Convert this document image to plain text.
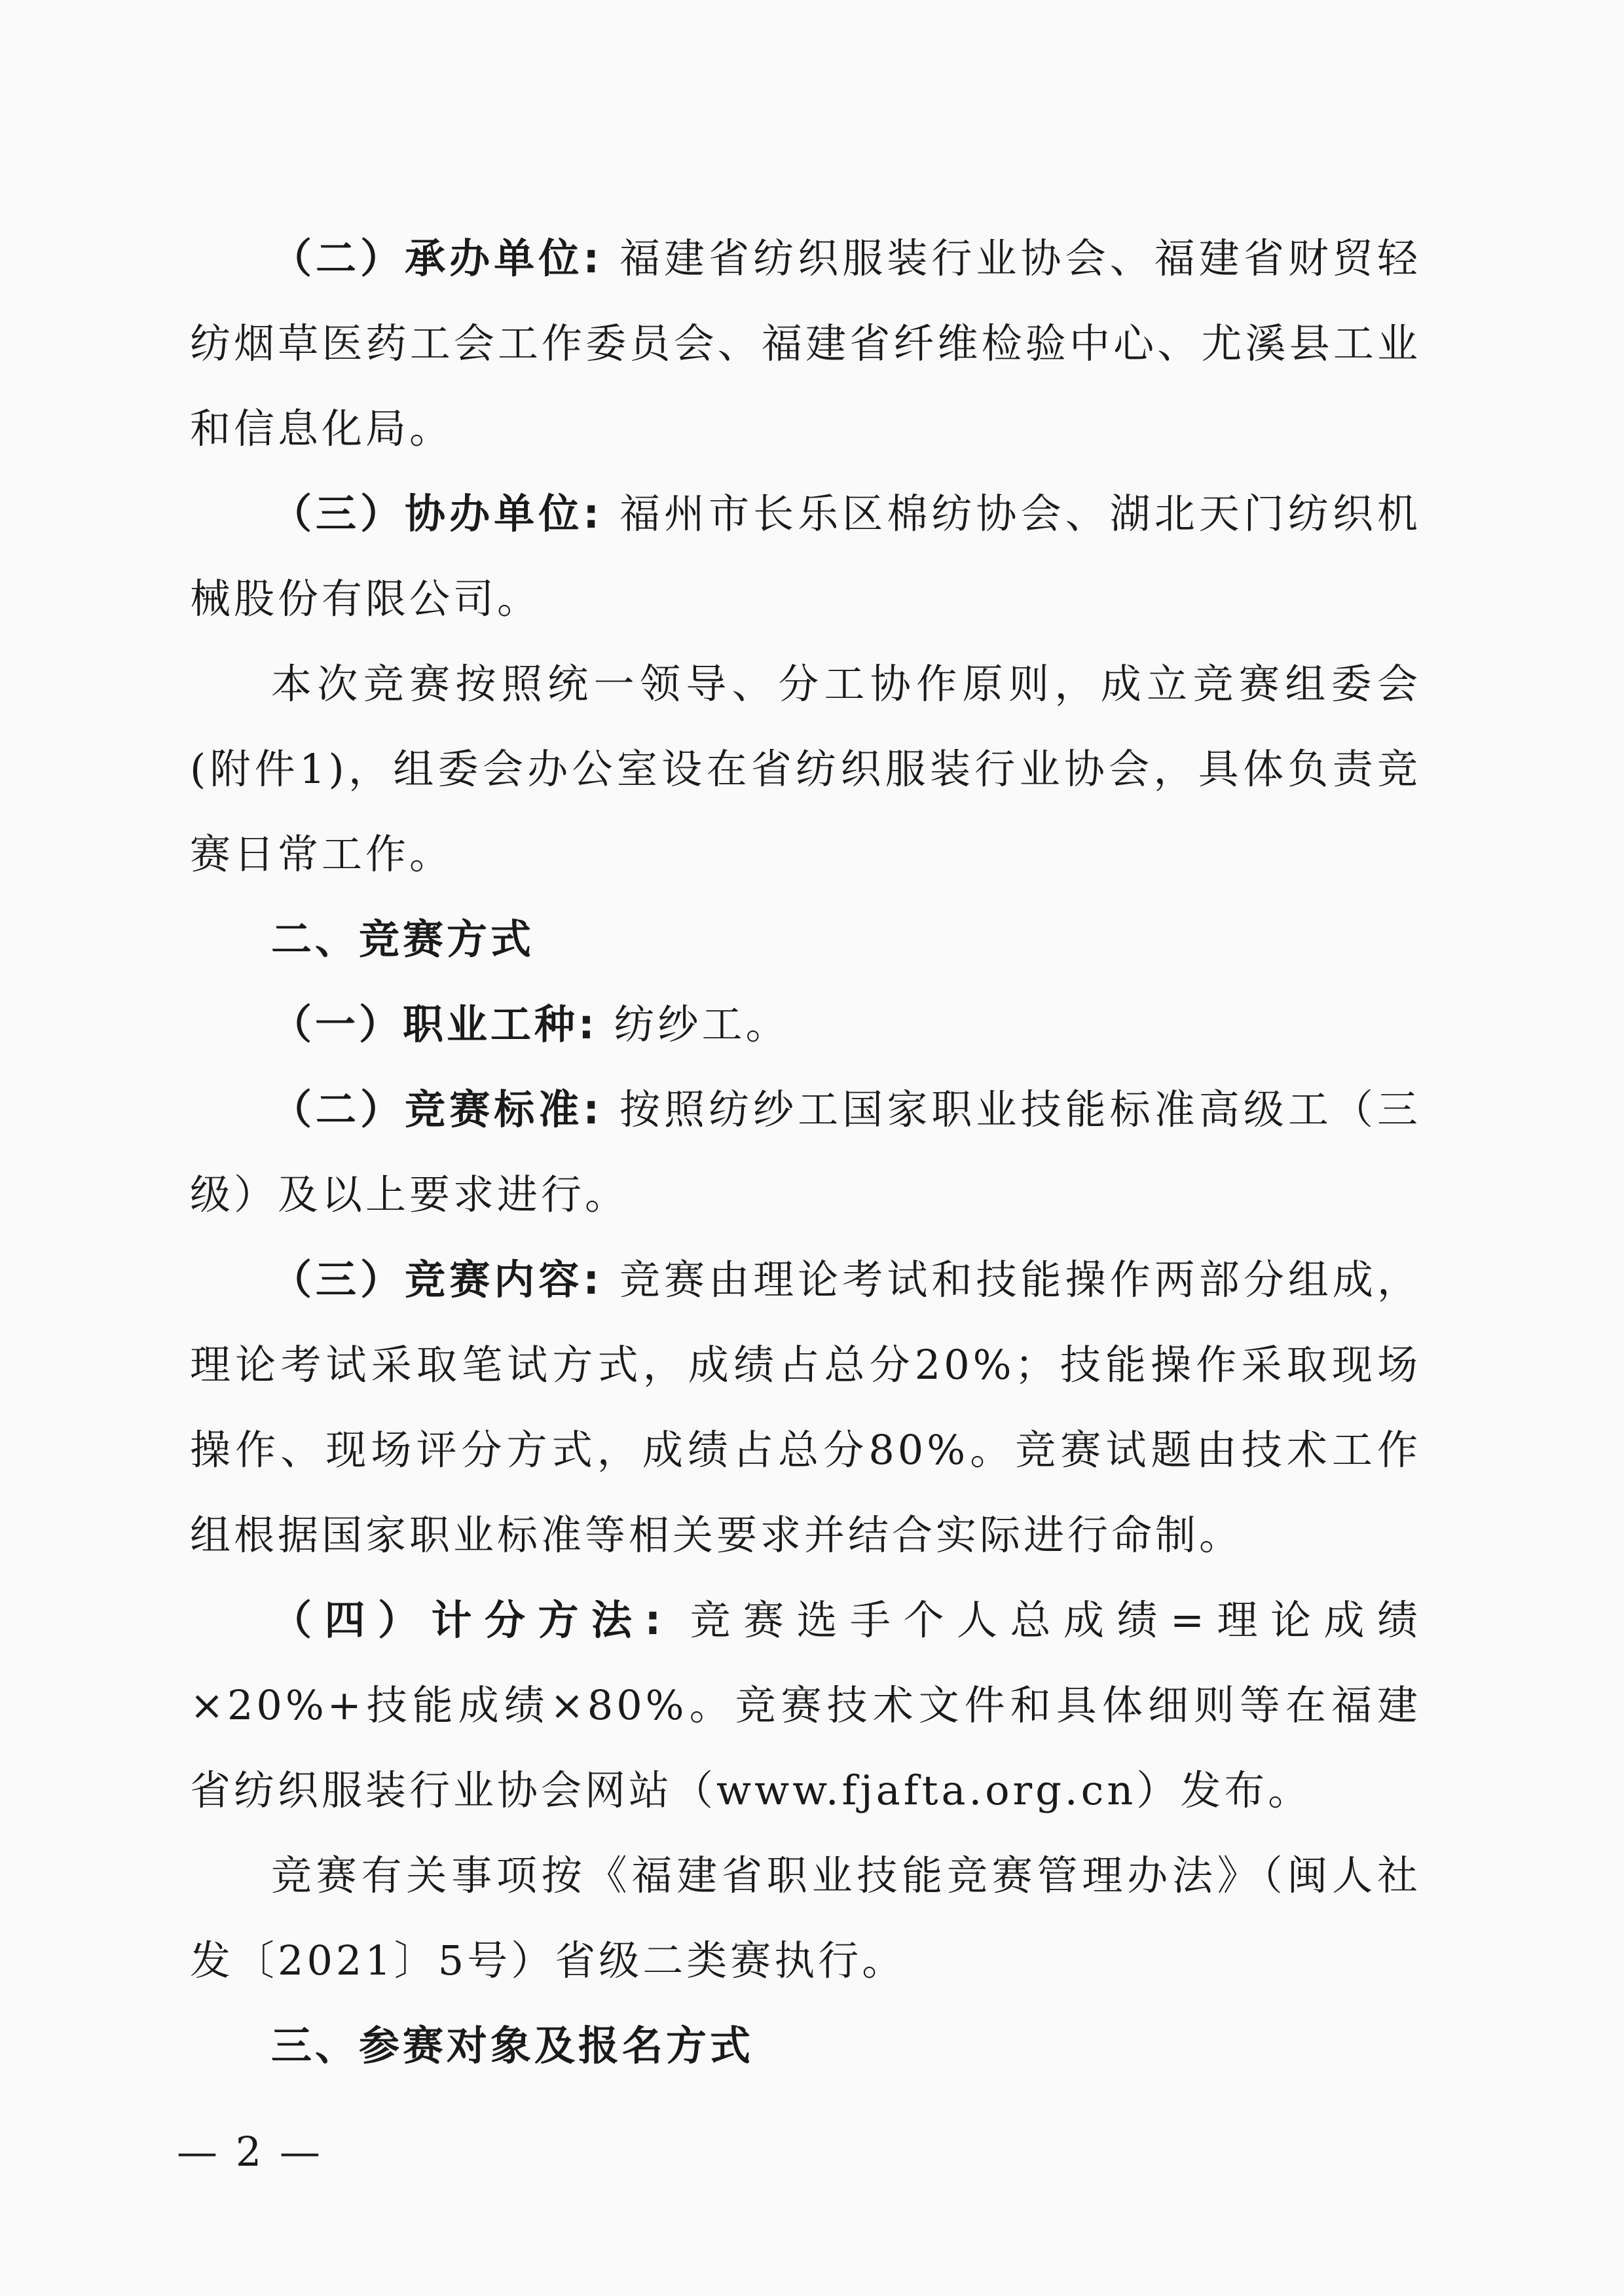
（二）承办单位: 福建省纺织服装行业协会、福建省财贸轻纺烟草医药工会工作委员会、福建省纤维检验中心、尤溪县工业和信息化局。

（三）协办单位: 福州市长乐区棉纺协会、湖北天门纺织机械股份有限公司。

本次竞赛按照统一领导、分工协作原则，成立竞赛组委会(附件1)，组委会办公室设在省纺织服装行业协会，具体负责竞赛日常工作。

二、竞赛方式

（一）职业工种: 纺纱工。

（二）竞赛标准: 按照纺纱工国家职业技能标准高级工（三级）及以上要求进行。

（三）竞赛内容: 竞赛由理论考试和技能操作两部分组成，理论考试采取笔试方式，成绩占总分20%；技能操作采取现场操作、现场评分方式，成绩占总分80%。竞赛试题由技术工作组根据国家职业标准等相关要求并结合实际进行命制。

（四）计分方法: 竞赛选手个人总成绩=理论成绩×20%+技能成绩×80%。竞赛技术文件和具体细则等在福建省纺织服装行业协会网站（www.fjafta.org.cn）发布。

竞赛有关事项按《福建省职业技能竞赛管理办法》（闽人社发〔2021〕5号）省级二类赛执行。

三、参赛对象及报名方式
— 2 —
